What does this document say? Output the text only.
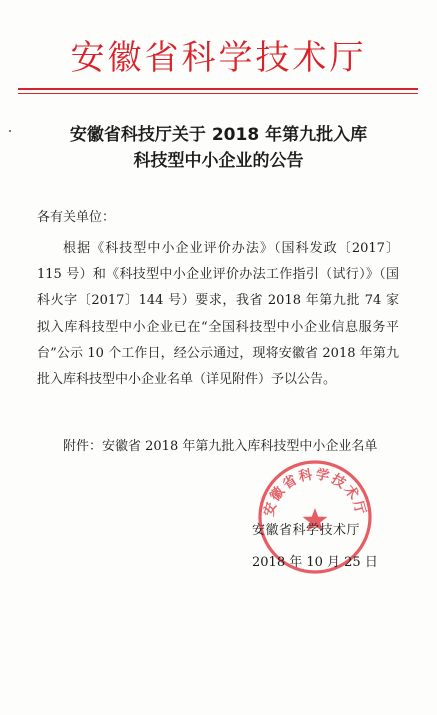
安徽省科学技术厅
安徽省科技厅关于 2018 年第九批入库
科技型中小企业的公告
各有关单位：
根据《科技型中小企业评价办法》（国科发政〔2017〕115 号）和《科技型中小企业评价办法工作指引（试行）》（国科火字〔2017〕144 号）要求，我省 2018 年第九批 74 家拟入库科技型中小企业已在“全国科技型中小企业信息服务平台”公示 10 个工作日，经公示通过，现将安徽省 2018 年第九批入库科技型中小企业名单（详见附件）予以公告。
附件：安徽省 2018 年第九批入库科技型中小企业名单
安徽省科学技术厅
安徽省科学技术厅
2018 年 10 月 25 日
